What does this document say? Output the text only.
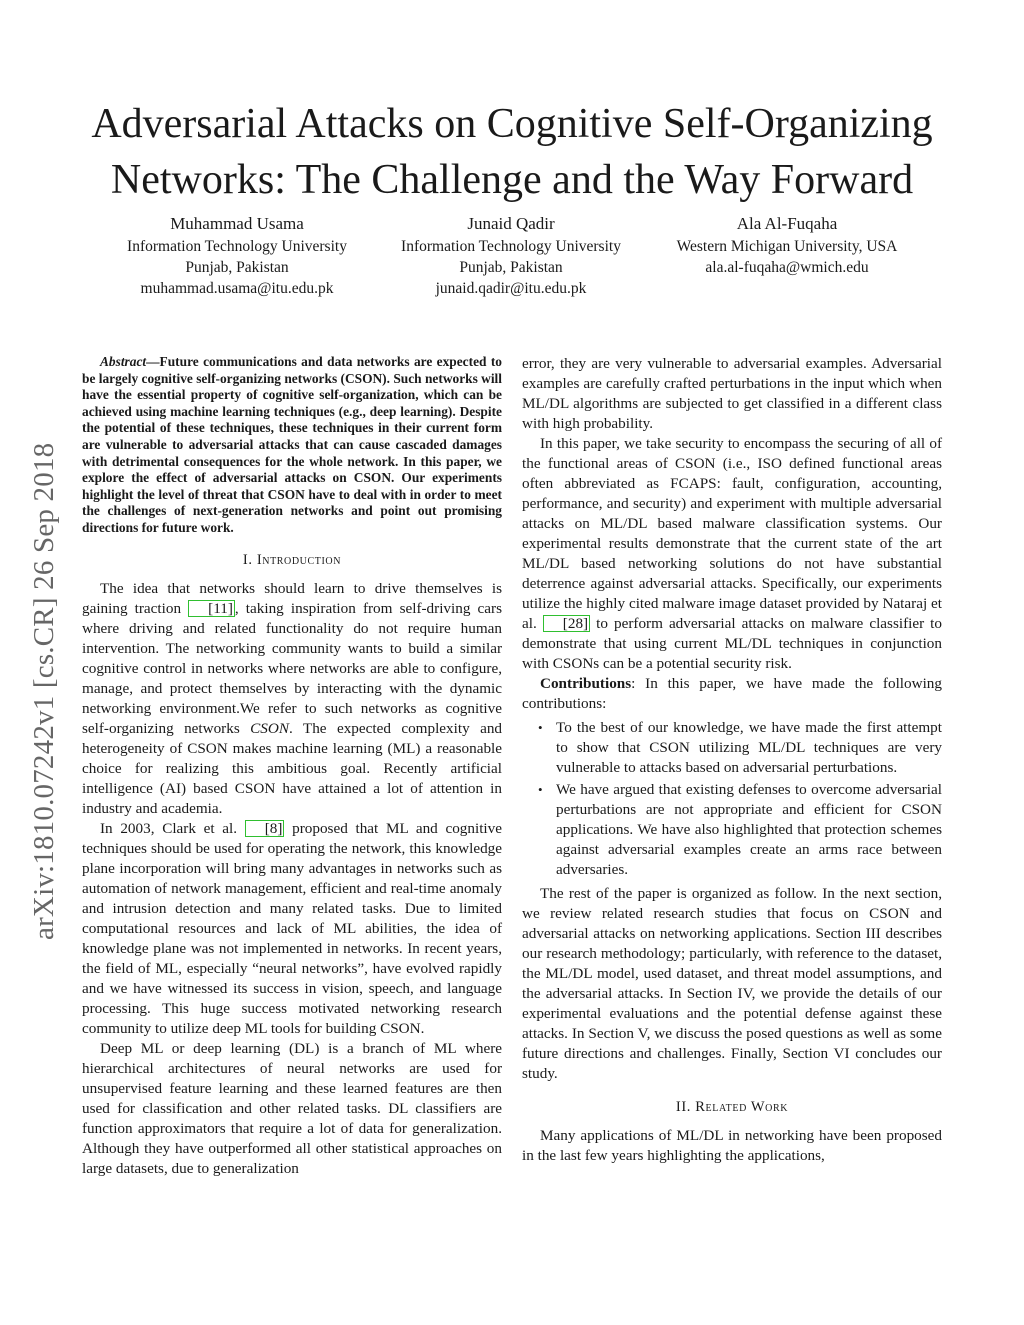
Adversarial Attacks on Cognitive Self-Organizing
Networks: The Challenge and the Way Forward
Muhammad Usama
Information Technology University
Punjab, Pakistan
muhammad.usama@itu.edu.pk
Junaid Qadir
Information Technology University
Punjab, Pakistan
junaid.qadir@itu.edu.pk
Ala Al-Fuqaha
Western Michigan University, USA
ala.al-fuqaha@wmich.edu
arXiv:1810.07242v1 [cs.CR] 26 Sep 2018

Abstract—Future communications and data networks are expected to be largely cognitive self-organizing networks (CSON). Such networks will have the essential property of cognitive self-organization, which can be achieved using machine learning techniques (e.g., deep learning). Despite the potential of these techniques, these techniques in their current form are vulnerable to adversarial attacks that can cause cascaded damages with detrimental consequences for the whole network. In this paper, we explore the effect of adversarial attacks on CSON. Our experiments highlight the level of threat that CSON have to deal with in order to meet the challenges of next-generation networks and point out promising directions for future work.

I. Introduction

The idea that networks should learn to drive themselves is gaining traction [11] , taking inspiration from self-driving cars where driving and related functionality do not require human intervention. The networking community wants to build a similar cognitive control in networks where networks are able to configure, manage, and protect themselves by interacting with the dynamic networking environment.We refer to such networks as cognitive self-organizing networks CSON. The expected complexity and heterogeneity of CSON makes machine learning (ML) a reasonable choice for realizing this ambitious goal. Recently artificial intelligence (AI) based CSON have attained a lot of attention in industry and academia.

In 2003, Clark et al. [8] proposed that ML and cognitive techniques should be used for operating the network, this knowledge plane incorporation will bring many advantages in networks such as automation of network management, efficient and real-time anomaly and intrusion detection and many related tasks. Due to limited computational resources and lack of ML abilities, the idea of knowledge plane was not implemented in networks. In recent years, the field of ML, especially “neural networks”, have evolved rapidly and we have witnessed its success in vision, speech, and language processing. This huge success motivated networking research community to utilize deep ML tools for building CSON.

Deep ML or deep learning (DL) is a branch of ML where hierarchical architectures of neural networks are used for unsupervised feature learning and these learned features are then used for classification and other related tasks. DL classifiers are function approximators that require a lot of data for generalization. Although they have outperformed all other statistical approaches on large datasets, due to generalization

error, they are very vulnerable to adversarial examples. Adversarial examples are carefully crafted perturbations in the input which when ML/DL algorithms are subjected to get classified in a different class with high probability.

In this paper, we take security to encompass the securing of all of the functional areas of CSON (i.e., ISO defined functional areas often abbreviated as FCAPS: fault, configuration, accounting, performance, and security) and experiment with multiple adversarial attacks on ML/DL based malware classification systems. Our experimental results demonstrate that the current state of the art ML/DL based networking solutions do not have substantial deterrence against adversarial attacks. Specifically, our experiments utilize the highly cited malware image dataset provided by Nataraj et al. [28] to perform adversarial attacks on malware classifier to demonstrate that using current ML/DL techniques in conjunction with CSONs can be a potential security risk.

Contributions: In this paper, we have made the following contributions:

• To the best of our knowledge, we have made the first attempt to show that CSON utilizing ML/DL techniques are very vulnerable to attacks based on adversarial perturbations.
• We have argued that existing defenses to overcome adversarial perturbations are not appropriate and efficient for CSON applications. We have also highlighted that protection schemes against adversarial examples create an arms race between adversaries.

The rest of the paper is organized as follow. In the next section, we review related research studies that focus on CSON and adversarial attacks on networking applications. Section III describes our research methodology; particularly, with reference to the dataset, the ML/DL model, used dataset, and threat model assumptions, and the adversarial attacks. In Section IV, we provide the details of our experimental evaluations and the potential defense against these attacks. In Section V, we discuss the posed questions as well as some future directions and challenges. Finally, Section VI concludes our study.

II. Related Work

Many applications of ML/DL in networking have been proposed in the last few years highlighting the applications,
